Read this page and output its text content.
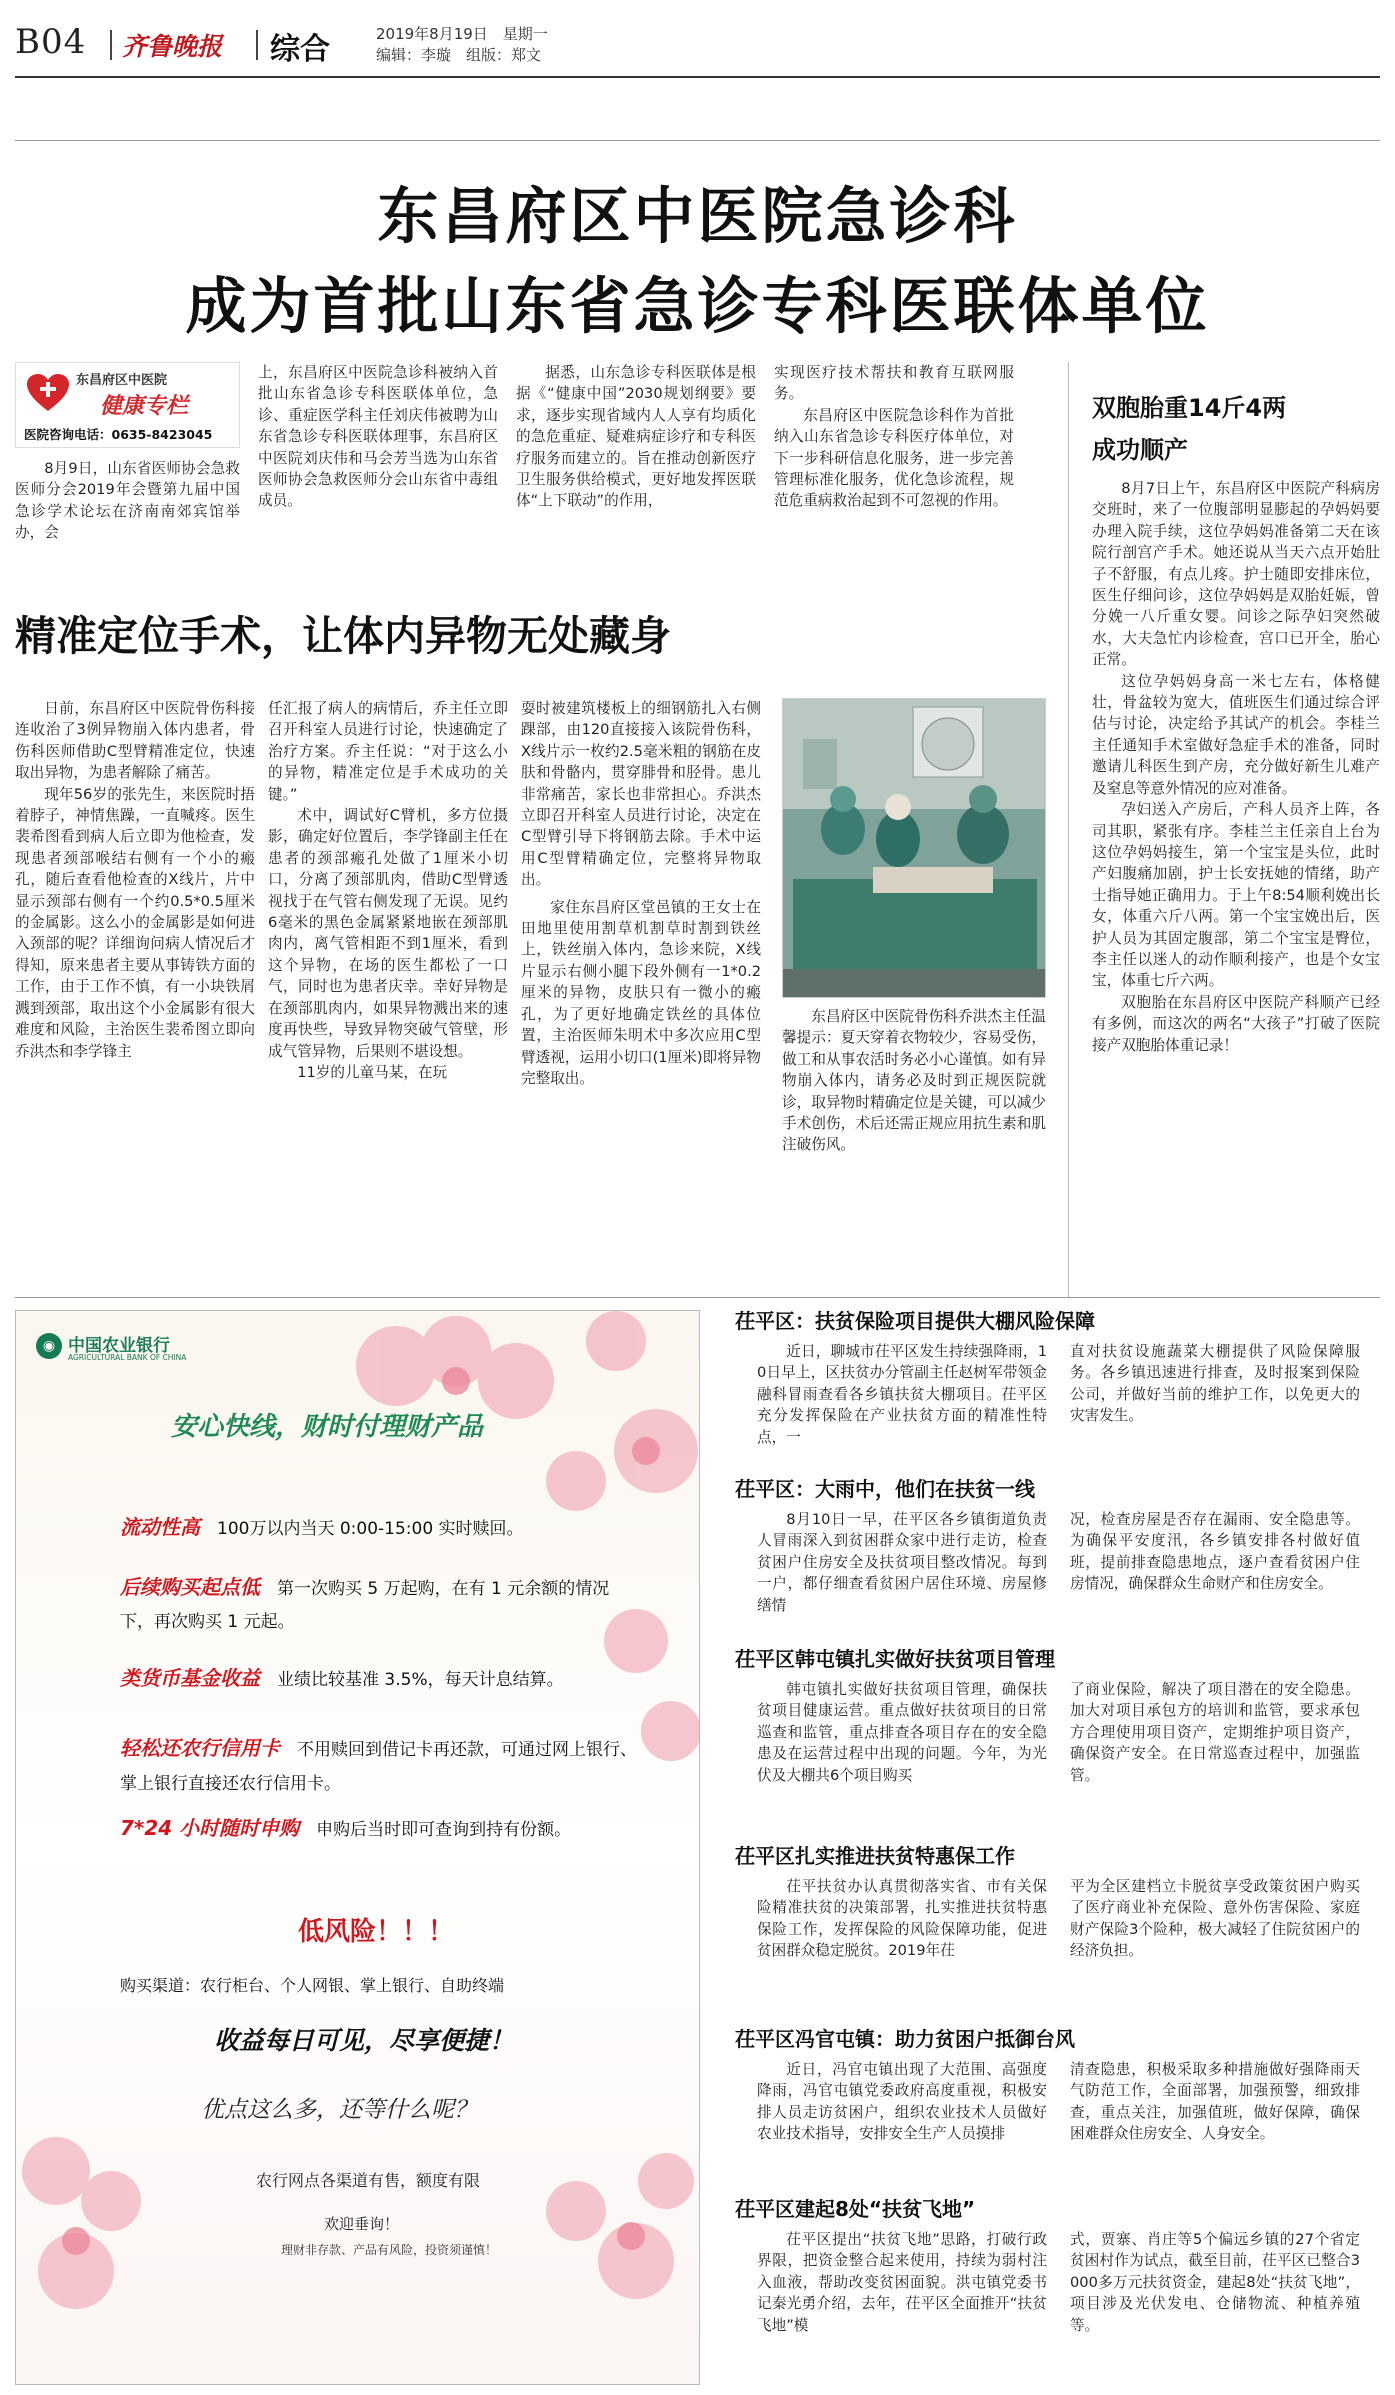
B04 齐鲁晚报 综合	2019年8月19日　星期一
编辑：李璇　组版：郑文
东昌府区中医院急诊科
成为首批山东省急诊专科医联体单位
东昌府区中医院
健康专栏
医院咨询电话：0635-8423045

8月9日，山东省医师协会急救医师分会2019年会暨第九届中国急诊学术论坛在济南南郊宾馆举办，会

上，东昌府区中医院急诊科被纳入首批山东省急诊专科医联体单位，急诊、重症医学科主任刘庆伟被聘为山东省急诊专科医联体理事，东昌府区中医院刘庆伟和马会芳当选为山东省医师协会急救医师分会山东省中毒组成员。

据悉，山东急诊专科医联体是根据《“健康中国”2030规划纲要》要求，逐步实现省域内人人享有均质化的急危重症、疑难病症诊疗和专科医疗服务而建立的。旨在推动创新医疗卫生服务供给模式，更好地发挥医联体“上下联动”的作用，

实现医疗技术帮扶和教育互联网服务。

东昌府区中医院急诊科作为首批纳入山东省急诊专科医疗体单位，对下一步科研信息化服务，进一步完善管理标准化服务，优化急诊流程，规范危重病救治起到不可忽视的作用。

双胞胎重14斤4两
成功顺产

8月7日上午，东昌府区中医院产科病房交班时，来了一位腹部明显膨起的孕妈妈要办理入院手续，这位孕妈妈准备第二天在该院行剖宫产手术。她还说从当天六点开始肚子不舒服，有点儿疼。护士随即安排床位，医生仔细问诊，这位孕妈妈是双胎妊娠，曾分娩一八斤重女婴。问诊之际孕妇突然破水，大夫急忙内诊检查，宫口已开全，胎心正常。

这位孕妈妈身高一米七左右，体格健壮，骨盆较为宽大，值班医生们通过综合评估与讨论，决定给予其试产的机会。李桂兰主任通知手术室做好急症手术的准备，同时邀请儿科医生到产房，充分做好新生儿难产及窒息等意外情况的应对准备。

孕妇送入产房后，产科人员齐上阵，各司其职，紧张有序。李桂兰主任亲自上台为这位孕妈妈接生，第一个宝宝是头位，此时产妇腹痛加剧，护士长安抚她的情绪，助产士指导她正确用力。于上午8:54顺利娩出长女，体重六斤八两。第一个宝宝娩出后，医护人员为其固定腹部，第二个宝宝是臀位，李主任以迷人的动作顺利接产，也是个女宝宝，体重七斤六两。

双胞胎在东昌府区中医院产科顺产已经有多例，而这次的两名“大孩子”打破了医院接产双胞胎体重记录！

精准定位手术，让体内异物无处藏身

日前，东昌府区中医院骨伤科接连收治了3例异物崩入体内患者，骨伤科医师借助C型臂精准定位，快速取出异物，为患者解除了痛苦。

现年56岁的张先生，来医院时捂着脖子，神情焦躁，一直喊疼。医生裴希图看到病人后立即为他检查，发现患者颈部喉结右侧有一个小的瘢孔，随后查看他检查的X线片，片中显示颈部右侧有一个约0.5*0.5厘米的金属影。这么小的金属影是如何进入颈部的呢？详细询问病人情况后才得知，原来患者主要从事铸铁方面的工作，由于工作不慎，有一小块铁屑溅到颈部，取出这个小金属影有很大难度和风险，主治医生裴希图立即向乔洪杰和李学锋主

任汇报了病人的病情后，乔主任立即召开科室人员进行讨论，快速确定了治疗方案。乔主任说：“对于这么小的异物，精准定位是手术成功的关键。”

术中，调试好C臂机，多方位摄影，确定好位置后，李学锋副主任在患者的颈部瘢孔处做了1厘米小切口，分离了颈部肌肉，借助C型臂透视找于在气管右侧发现了无误。见约6毫米的黑色金属紧紧地嵌在颈部肌肉内，离气管相距不到1厘米，看到这个异物，在场的医生都松了一口气，同时也为患者庆幸。幸好异物是在颈部肌肉内，如果异物溅出来的速度再快些，导致异物突破气管壁，形成气管异物，后果则不堪设想。

11岁的儿童马某，在玩

耍时被建筑楼板上的细钢筋扎入右侧踝部，由120直接接入该院骨伤科，X线片示一枚约2.5毫米粗的钢筋在皮肤和骨骼内，贯穿腓骨和胫骨。患儿非常痛苦，家长也非常担心。乔洪杰立即召开科室人员进行讨论，决定在C型臂引导下将钢筋去除。手术中运用C型臂精确定位，完整将异物取出。

家住东昌府区堂邑镇的王女士在田地里使用割草机割草时割到铁丝上，铁丝崩入体内，急诊来院，X线片显示右侧小腿下段外侧有一1*0.2厘米的异物，皮肤只有一微小的瘢孔，为了更好地确定铁丝的具体位置，主治医师朱明术中多次应用C型臂透视，运用小切口(1厘米)即将异物完整取出。

东昌府区中医院骨伤科乔洪杰主任温馨提示：夏天穿着衣物较少，容易受伤，做工和从事农活时务必小心谨慎。如有异物崩入体内，请务必及时到正规医院就诊，取异物时精确定位是关键，可以减少手术创伤，术后还需正规应用抗生素和肌注破伤风。

◉ 中国农业银行
AGRICULTURAL BANK OF CHINA
安心快线，财时付理财产品
流动性高　 100万以内当天 0:00-15:00 实时赎回。
后续购买起点低　 第一次购买 5 万起购，在有 1 元余额的情况下，再次购买 1 元起。
类货币基金收益　 业绩比较基准 3.5%，每天计息结算。
轻松还农行信用卡　 不用赎回到借记卡再还款，可通过网上银行、掌上银行直接还农行信用卡。
7*24 小时随时申购　 申购后当时即可查询到持有份额。
低风险！！！
购买渠道：农行柜台、个人网银、掌上银行、自助终端
收益每日可见，尽享便捷！
优点这么多，还等什么呢？
农行网点各渠道有售，额度有限
欢迎垂询！
理财非存款、产品有风险，投资须谨慎！
茌平区：扶贫保险项目提供大棚风险保障

近日，聊城市茌平区发生持续强降雨，10日早上，区扶贫办分管副主任赵树军带领金融科冒雨查看各乡镇扶贫大棚项目。茌平区充分发挥保险在产业扶贫方面的精准性特点，一

直对扶贫设施蔬菜大棚提供了风险保障服务。各乡镇迅速进行排查，及时报案到保险公司，并做好当前的维护工作，以免更大的灾害发生。

茌平区：大雨中，他们在扶贫一线

8月10日一早，茌平区各乡镇街道负责人冒雨深入到贫困群众家中进行走访，检查贫困户住房安全及扶贫项目整改情况。每到一户，都仔细查看贫困户居住环境、房屋修缮情

况，检查房屋是否存在漏雨、安全隐患等。为确保平安度汛，各乡镇安排各村做好值班，提前排查隐患地点，逐户查看贫困户住房情况，确保群众生命财产和住房安全。

茌平区韩屯镇扎实做好扶贫项目管理

韩屯镇扎实做好扶贫项目管理，确保扶贫项目健康运营。重点做好扶贫项目的日常巡查和监管，重点排查各项目存在的安全隐患及在运营过程中出现的问题。今年，为光伏及大棚共6个项目购买

了商业保险，解决了项目潜在的安全隐患。加大对项目承包方的培训和监管，要求承包方合理使用项目资产，定期维护项目资产，确保资产安全。在日常巡查过程中，加强监管。

茌平区扎实推进扶贫特惠保工作

茌平扶贫办认真贯彻落实省、市有关保险精准扶贫的决策部署，扎实推进扶贫特惠保险工作，发挥保险的风险保障功能，促进贫困群众稳定脱贫。2019年茌

平为全区建档立卡脱贫享受政策贫困户购买了医疗商业补充保险、意外伤害保险、家庭财产保险3个险种，极大减轻了住院贫困户的经济负担。

茌平区冯官屯镇：助力贫困户抵御台风

近日，冯官屯镇出现了大范围、高强度降雨，冯官屯镇党委政府高度重视，积极安排人员走访贫困户，组织农业技术人员做好农业技术指导，安排安全生产人员摸排

清查隐患，积极采取多种措施做好强降雨天气防范工作，全面部署，加强预警，细致排查，重点关注，加强值班，做好保障，确保困难群众住房安全、人身安全。

茌平区建起8处“扶贫飞地”

茌平区提出“扶贫飞地”思路，打破行政界限，把资金整合起来使用，持续为弱村注入血液，帮助改变贫困面貌。洪屯镇党委书记秦光勇介绍，去年，茌平区全面推开“扶贫飞地”模

式，贾寨、肖庄等5个偏远乡镇的27个省定贫困村作为试点，截至目前，茌平区已整合3000多万元扶贫资金，建起8处“扶贫飞地”，项目涉及光伏发电、仓储物流、种植养殖等。
